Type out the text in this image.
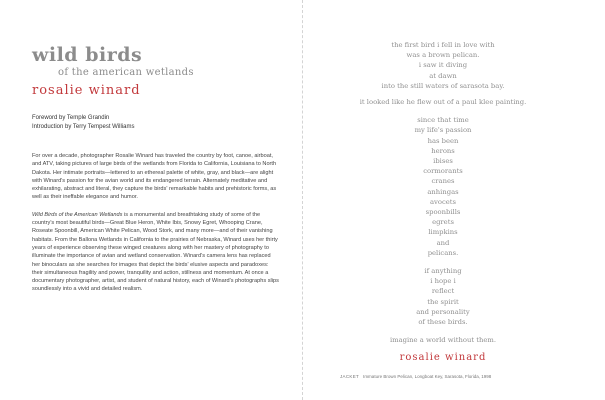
wild birds
of the american wetlands
rosalie winard
Foreword by Temple Grandin
Introduction by Terry Tempest Williams

For over a decade, photographer Rosalie Winard has traveled the country by foot, canoe, airboat, and ATV, taking pictures of large birds of the wetlands from Florida to California, Louisiana to North Dakota. Her intimate portraits—lettered to an ethereal palette of white, gray, and black—are alight with Winard's passion for the avian world and its endangered terrain. Alternately meditative and exhilarating, abstract and literal, they capture the birds' remarkable habits and prehistoric forms, as well as their ineffable elegance and humor.

Wild Birds of the American Wetlands is a monumental and breathtaking study of some of the country's most beautiful birds—Great Blue Heron, White Ibis, Snowy Egret, Whooping Crane, Roseate Spoonbill, American White Pelican, Wood Stork, and many more—and of their vanishing habitats. From the Ballona Wetlands in California to the prairies of Nebraska, Winard uses her thirty years of experience observing these winged creatures along with her mastery of photography to illuminate the importance of avian and wetland conservation. Winard's camera lens has replaced her binoculars as she searches for images that depict the birds' elusive aspects and paradoxes: their simultaneous fragility and power, tranquility and action, stillness and momentum. At once a documentary photographer, artist, and student of natural history, each of Winard's photographs slips soundlessly into a vivid and detailed realism.

the first bird i fell in love with
was a brown pelican.
i saw it diving
at dawn
into the still waters of sarasota bay.
it looked like he flew out of a paul klee painting.
since that time
my life's passion
has been
herons
ibises
cormorants
cranes
anhingas
avocets
spoonbills
egrets
limpkins
and
pelicans.
if anything
i hope i
reflect
the spirit
and personality
of these birds.
imagine a world without them.
rosalie winard
JACKET Immature Brown Pelican, Longboat Key, Sarasota, Florida, 1998
